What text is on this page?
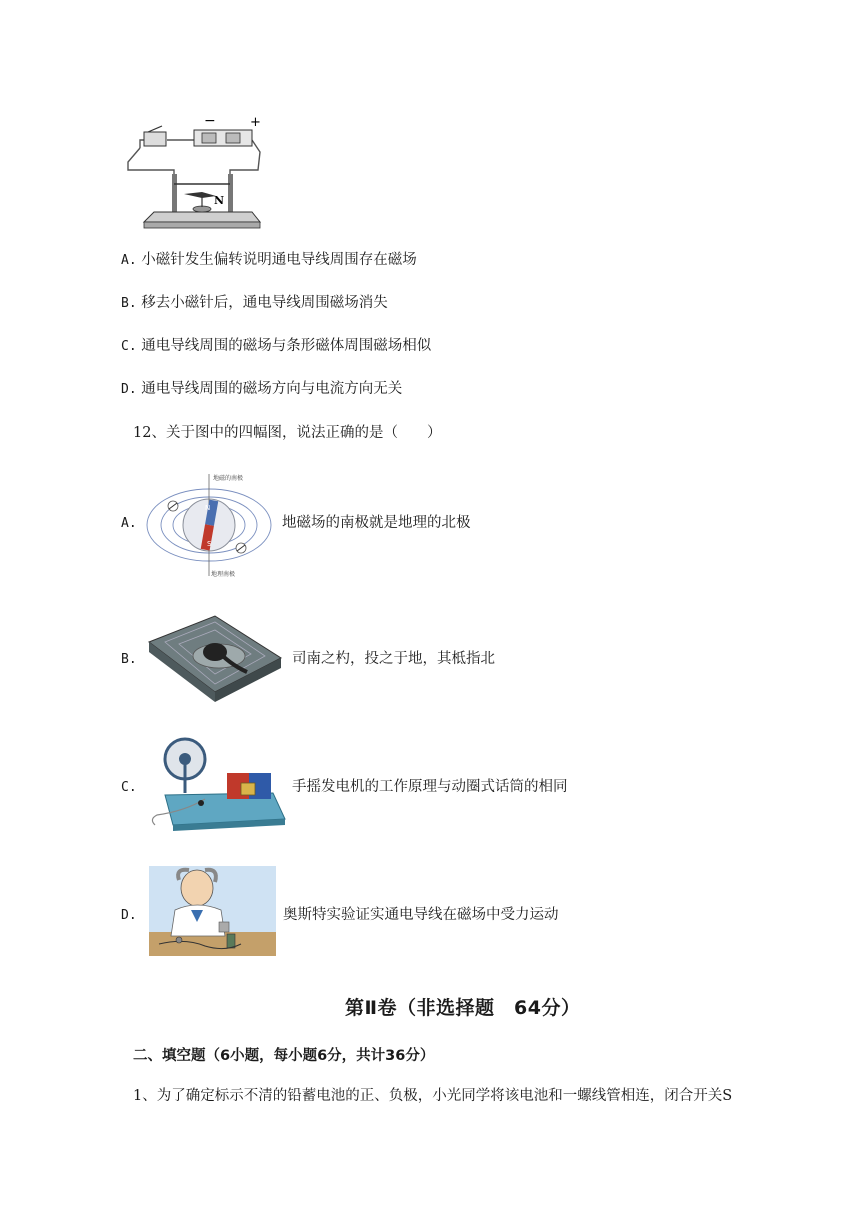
−	+
N
A. 小磁针发生偏转说明通电导线周围存在磁场
B. 移去小磁针后，通电导线周围磁场消失
C. 通电导线周围的磁场与条形磁体周围磁场相似
D. 通电导线周围的磁场方向与电流方向无关
12、关于图中的四幅图，说法正确的是（　　）
A.
N
S
地磁的南极
地理南极
地磁场的南极就是地理的北极
B.	司南之杓，投之于地，其柢指北
C.	手摇发电机的工作原理与动圈式话筒的相同
D.	奥斯特实验证实通电导线在磁场中受力运动
第Ⅱ卷（非选择题　64分）
二、填空题（6小题，每小题6分，共计36分）
1、为了确定标示不清的铅蓄电池的正、负极，小光同学将该电池和一螺线管相连，闭合开关S
